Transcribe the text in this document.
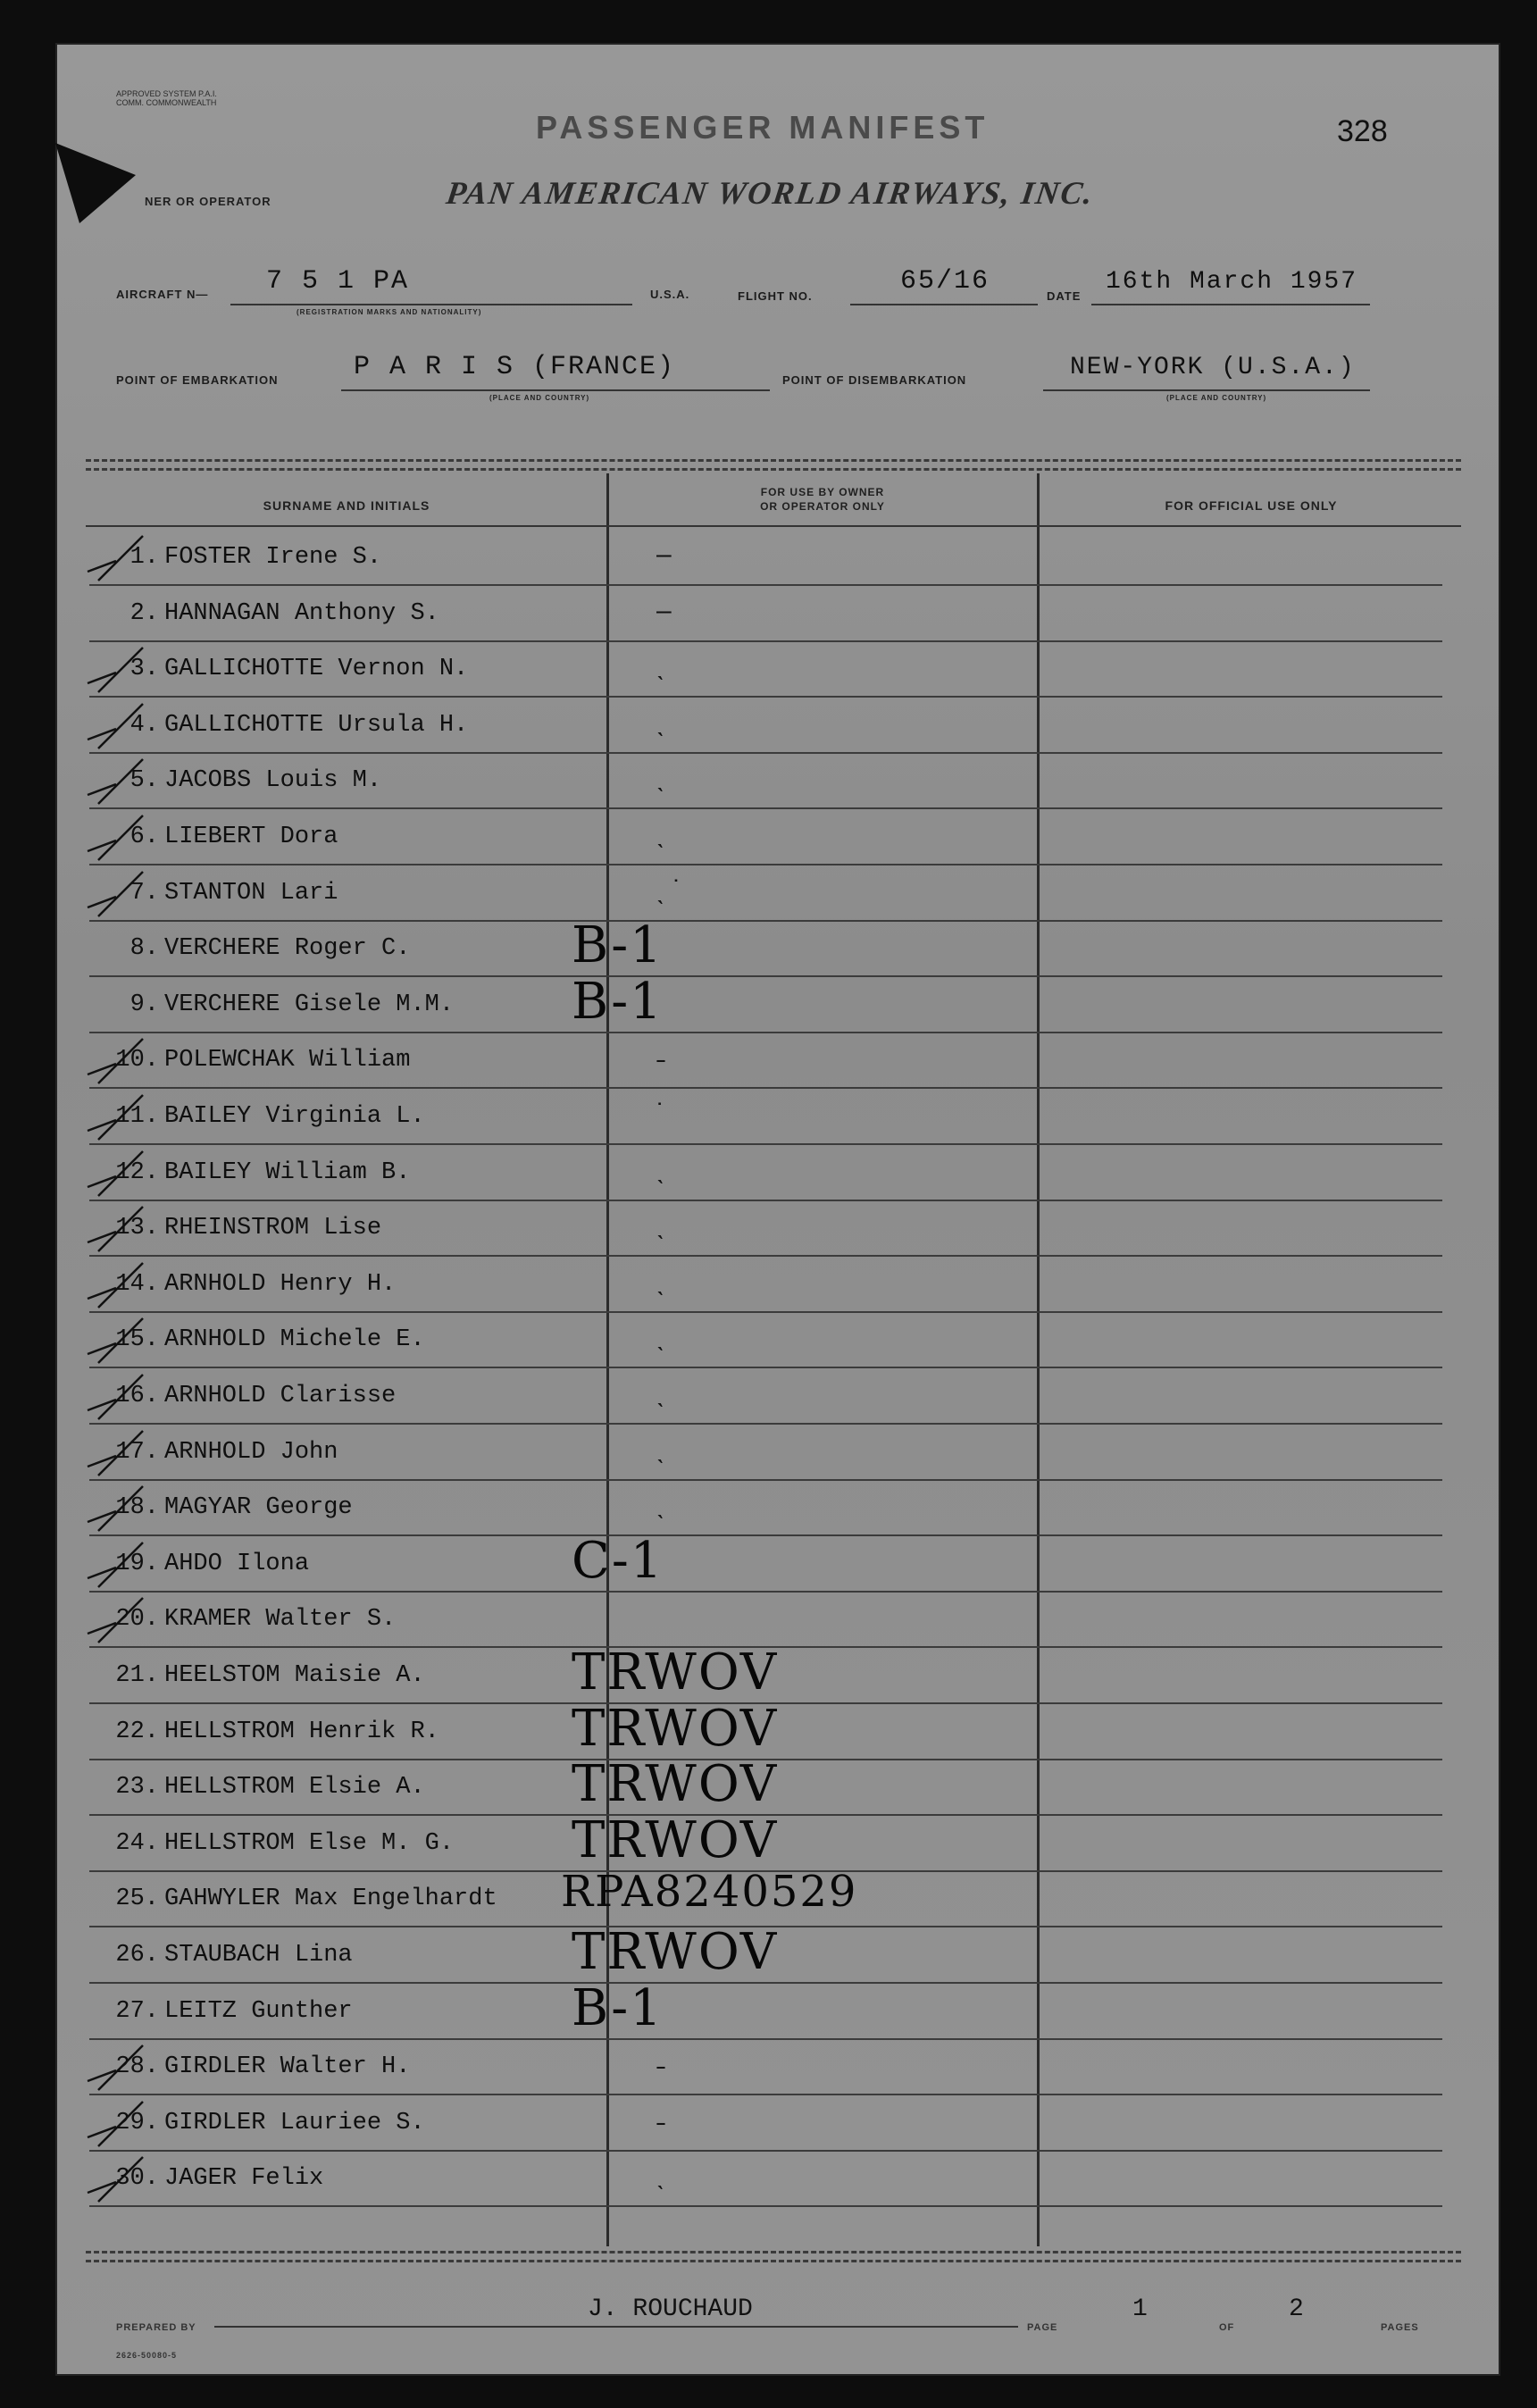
APPROVED SYSTEM P.A.I. COMM. COMMONWEALTH
NER OR OPERATOR
PASSENGER MANIFEST
PAN AMERICAN WORLD AIRWAYS, INC.
328
AIRCRAFT N— 7 5 1 PA
(REGISTRATION MARKS AND NATIONALITY)
U.S.A.	FLIGHT NO.	65/16	DATE
16th March 1957
POINT OF EMBARKATION	P A R I S (FRANCE)
(PLACE AND COUNTRY)
POINT OF DISEMBARKATION	NEW-YORK (U.S.A.)
(PLACE AND COUNTRY)
SURNAME AND INITIALS
FOR USE BY OWNER
OR OPERATOR ONLY	FOR OFFICIAL USE ONLY
1. FOSTER Irene S.	–
2. HANNAGAN Anthony S.	–
3. GALLICHOTTE Vernon N.	ˎ
4. GALLICHOTTE Ursula H.	ˎ
5. JACOBS Louis M.	ˎ
6. LIEBERT Dora	ˎ
7. STANTON Lari	ˎ ˙
8. VERCHERE Roger C.	B-1
9. VERCHERE Gisele M.M. B-1
10. POLEWCHAK William	˗
11. BAILEY Virginia L.	˙
12. BAILEY William B.	ˎ
13. RHEINSTROM Lise	ˎ
14. ARNHOLD Henry H.	ˎ
15. ARNHOLD Michele E.	ˎ
16. ARNHOLD Clarisse	ˎ
17. ARNHOLD John	ˎ
18. MAGYAR George	ˎ
19. AHDO Ilona	C-1
20. KRAMER Walter S.
21. HEELSTOM Maisie A.	TRWOV
22. HELLSTROM Henrik R.	TRWOV
23. HELLSTROM Elsie A.	TRWOV
24. HELLSTROM Else M. G. TRWOV
25. GAHWYLER Max Engelhardt RPA8240529
26. STAUBACH Lina	TRWOV
27. LEITZ Gunther	B-1
28. GIRDLER Walter H.	˗
29. GIRDLER Lauriee S.	˗
30. JAGER Felix	ˎ
PREPARED BY
J. ROUCHAUD
PAGE
1
OF
2
PAGES
2626-50080-5
